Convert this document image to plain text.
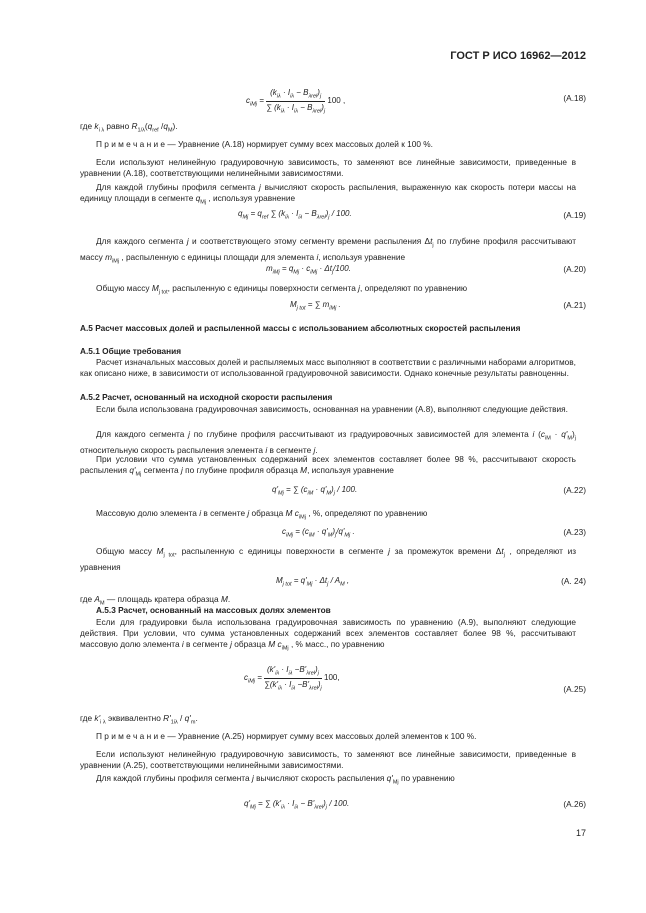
ГОСТ Р ИСО 16962—2012
$c_{iMj}$ =
$(k_{i\lambda} \cdot I_{i\lambda} - B_{\lambda rel})_j$
∑ $(k_{i\lambda} \cdot I_{i\lambda} - B_{\lambda rel})_j$
100 ,	(А.18)
где $k_{i \lambda}$ равно $R_{1/\lambda}(q_{ref}$ $/q_M$).
П р и м е ч а н и е — Уравнение (А.18) нормирует сумму всех массовых долей к 100 %.
Если используют нелинейную градуировочную зависимость, то заменяют все линейные зависимости, приведенные в уравнении (А.18), соответствующими нелинейными зависимостями.
Для каждой глубины профиля сегмента j вычисляют скорость распыления, выраженную как скорость потери массы на единицу площади в сегменте $q_{Mj}$ , используя уравнение
$q_{Mj} = q_{ref}$ ∑ $(k_{i\lambda} \cdot I_{i\lambda} - B_{\lambda rel})_j / 100$.	(А.19)
Для каждого сегмента j и соответствующего этому сегменту времени распыления $\Delta t_j$ по глубине профиля рассчитывают массу $m_{iMj}$ , распыленную с единицы площади для элемента i, используя уравнение
$m_{iMj} = q_{Mj} \cdot c_{iMj} \cdot \Delta t_j/100$.	(А.20)
Общую массу $M_{j tot}$, распыленную с единицы поверхности сегмента j, определяют по уравнению
$M_{j tot}$ = ∑ $m_{iMj}$ .	(А.21)
А.5 Расчет массовых долей и распыленной массы с использованием абсолютных скоростей распыления
А.5.1 Общие требования
Расчет изначальных массовых долей и распыляемых масс выполняют в соответствии с различными наборами алгоритмов, как описано ниже, в зависимости от использованной градуировочной зависимости. Однако конечные результаты равноценны.
А.5.2 Расчет, основанный на исходной скорости распыления
Если была использована градуировочная зависимость, основанная на уравнении (А.8), выполняют следующие действия.
Для каждого сегмента j по глубине профиля рассчитывают из градуировочных зависимостей для элемента i $(c_{iM} \cdot q'_M)_j$ относительную скорость распыления элемента i в сегменте j.
При условии что сумма установленных содержаний всех элементов составляет более 98 %, рассчитывают скорость распыления $q'_{Mj}$ сегмента j по глубине профиля образца M, используя уравнение
$q'_{Mj}$ = ∑ $(c_{iM} \cdot q'_M)_j / 100$.	(А.22)
Массовую долю элемента i в сегменте j образца M $c_{iMj}$ , %, определяют по уравнению
$c_{iMj} = (c_{iM} \cdot q'_M)_j/q'_{Mj}$ .	(А.23)
Общую массу $M_{j tot}$, распыленную с единицы поверхности в сегменте j за промежуток времени $\Delta t_j$ , определяют из уравнения
$M_{j tot} = q'_{Mj} \cdot \Delta t_j / A_M$ ,	(А. 24)
где $A_M$ — площадь кратера образца M.
А.5.3 Расчет, основанный на массовых долях элементов
Если для градуировки была использована градуировочная зависимость по уравнению (А.9), выполняют следующие действия. При условии, что сумма установленных содержаний всех элементов составляет более 98 %, рассчитывают массовую долю элемента i в сегменте j образца M $c_{iMj}$ , % масс., по уравнению
$c_{iMj}$ =
$(k'_{i\lambda} \cdot I_{i\lambda} -B'_{\lambda rel})_j$
$\sum(k'_{i\lambda} \cdot I_{i\lambda} -B'_{\lambda rel})_j$
100,
(А.25)
где $k'_{i \lambda}$ эквивалентно $R'_{1i\lambda} / q'_m$.
П р и м е ч а н и е — Уравнение (А.25) нормирует сумму всех массовых долей элементов к 100 %.
Если используют нелинейную градуировочную зависимость, то заменяют все линейные зависимости, приведенные в уравнении (А.25), соответствующими нелинейными зависимостями.
Для каждой глубины профиля сегмента j вычисляют скорость распыления $q'_{Mj}$ по уравнению
$q'_{Mj}$ = ∑ $(k'_{i\lambda} \cdot I_{i\lambda} - B'_{\lambda rel})_j / 100$.	(А.26)
17
